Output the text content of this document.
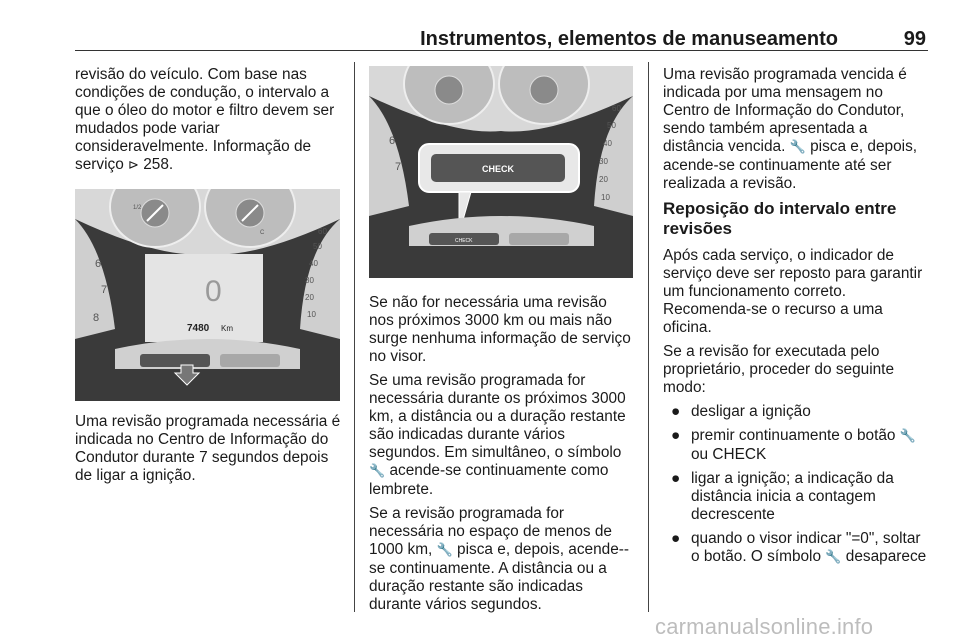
Instrumentos, elementos de manuseamento	99

revisão do veículo. Com base nas condições de condução, o intervalo a que o óleo do motor e filtro devem ser mudados pode variar consideravelmente. Informação de serviço ⊳ 258.

1/2
C
6
7
8
60
50
40
30
20
10
0
7480 Km

Uma revisão programada necessária é indicada no Centro de Informação do Condutor durante 7 segundos depois de ligar a ignição.

6
7
60
50
40
30
20
10
CHECK
CHECK

Se não for necessária uma revisão nos próximos 3000 km ou mais não surge nenhuma informação de serviço no visor.

Se uma revisão programada for necessária durante os próximos 3000 km, a distância ou a duração restante são indicadas durante vários segundos. Em simultâneo, o símbolo 🔧 acende-se continuamente como lembrete.

Se a revisão programada for necessária no espaço de menos de 1000 km, 🔧 pisca e, depois, acende--se continuamente. A distância ou a duração restante são indicadas durante vários segundos.

Uma revisão programada vencida é indicada por uma mensagem no Centro de Informação do Condutor, sendo também apresentada a distância vencida. 🔧 pisca e, depois, acende-se continuamente até ser realizada a revisão.

Reposição do intervalo entre revisões

Após cada serviço, o indicador de serviço deve ser reposto para garantir um funcionamento correto. Recomenda-se o recurso a uma oficina.

Se a revisão for executada pelo proprietário, proceder do seguinte modo:

● desligar a ignição
● premir continuamente o botão 🔧 ou CHECK
● ligar a ignição; a indicação da distância inicia a contagem decrescente
● quando o visor indicar "=0", soltar o botão. O símbolo 🔧 desaparece
carmanualsonline.info
